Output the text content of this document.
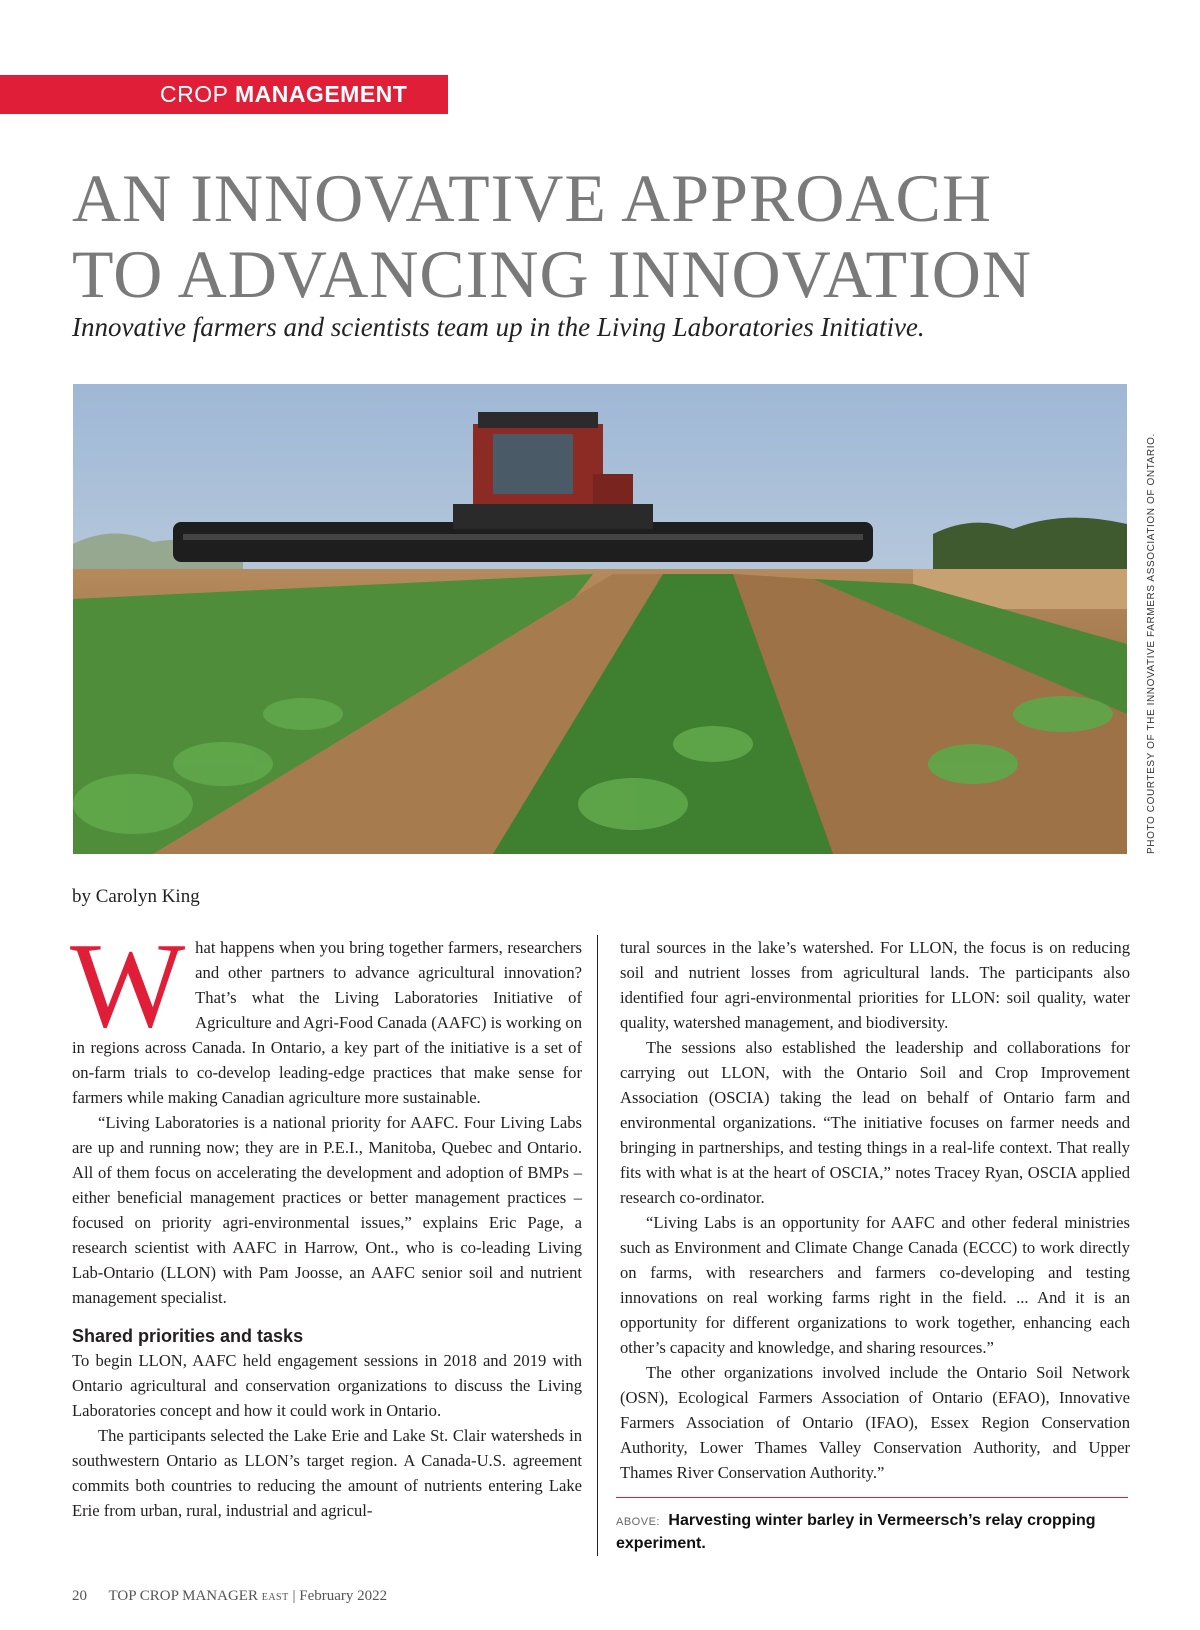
CROP MANAGEMENT
AN INNOVATIVE APPROACH
TO ADVANCING INNOVATION
Innovative farmers and scientists team up in the Living Laboratories Initiative.
PHOTO COURTESY OF THE INNOVATIVE FARMERS ASSOCIATION OF ONTARIO.
by Carolyn King

What happens when you bring together farmers, researchers and other partners to advance agricultural innovation? That’s what the Living Laboratories Initiative of Agriculture and Agri-Food Canada (AAFC) is working on in regions across Canada. In Ontario, a key part of the initiative is a set of on-farm trials to co-develop leading-edge practices that make sense for farmers while making Canadian agriculture more sustainable.

“Living Laboratories is a national priority for AAFC. Four Living Labs are up and running now; they are in P.E.I., Manitoba, Quebec and Ontario. All of them focus on accelerating the development and adoption of BMPs – either beneficial management practices or better management practices – focused on priority agri-environmental issues,” explains Eric Page, a research scientist with AAFC in Harrow, Ont., who is co-leading Living Lab-Ontario (LLON) with Pam Joosse, an AAFC senior soil and nutrient management specialist.

Shared priorities and tasks

To begin LLON, AAFC held engagement sessions in 2018 and 2019 with Ontario agricultural and conservation organizations to discuss the Living Laboratories concept and how it could work in Ontario.

The participants selected the Lake Erie and Lake St. Clair watersheds in southwestern Ontario as LLON’s target region. A Canada-U.S. agreement commits both countries to reducing the amount of nutrients entering Lake Erie from urban, rural, industrial and agricul-

tural sources in the lake’s watershed. For LLON, the focus is on reducing soil and nutrient losses from agricultural lands. The participants also identified four agri-environmental priorities for LLON: soil quality, water quality, watershed management, and biodiversity.

The sessions also established the leadership and collaborations for carrying out LLON, with the Ontario Soil and Crop Improvement Association (OSCIA) taking the lead on behalf of Ontario farm and environmental organizations. “The initiative focuses on farmer needs and bringing in partnerships, and testing things in a real-life context. That really fits with what is at the heart of OSCIA,” notes Tracey Ryan, OSCIA applied research co-ordinator.

“Living Labs is an opportunity for AAFC and other federal ministries such as Environment and Climate Change Canada (ECCC) to work directly on farms, with researchers and farmers co-developing and testing innovations on real working farms right in the field. ... And it is an opportunity for different organizations to work together, enhancing each other’s capacity and knowledge, and sharing resources.”

The other organizations involved include the Ontario Soil Network (OSN), Ecological Farmers Association of Ontario (EFAO), Innovative Farmers Association of Ontario (IFAO), Essex Region Conservation Authority, Lower Thames Valley Conservation Authority, and Upper Thames River Conservation Authority.”

ABOVE: Harvesting winter barley in Vermeersch’s relay cropping experiment.
20 TOP CROP MANAGER EAST | February 2022
